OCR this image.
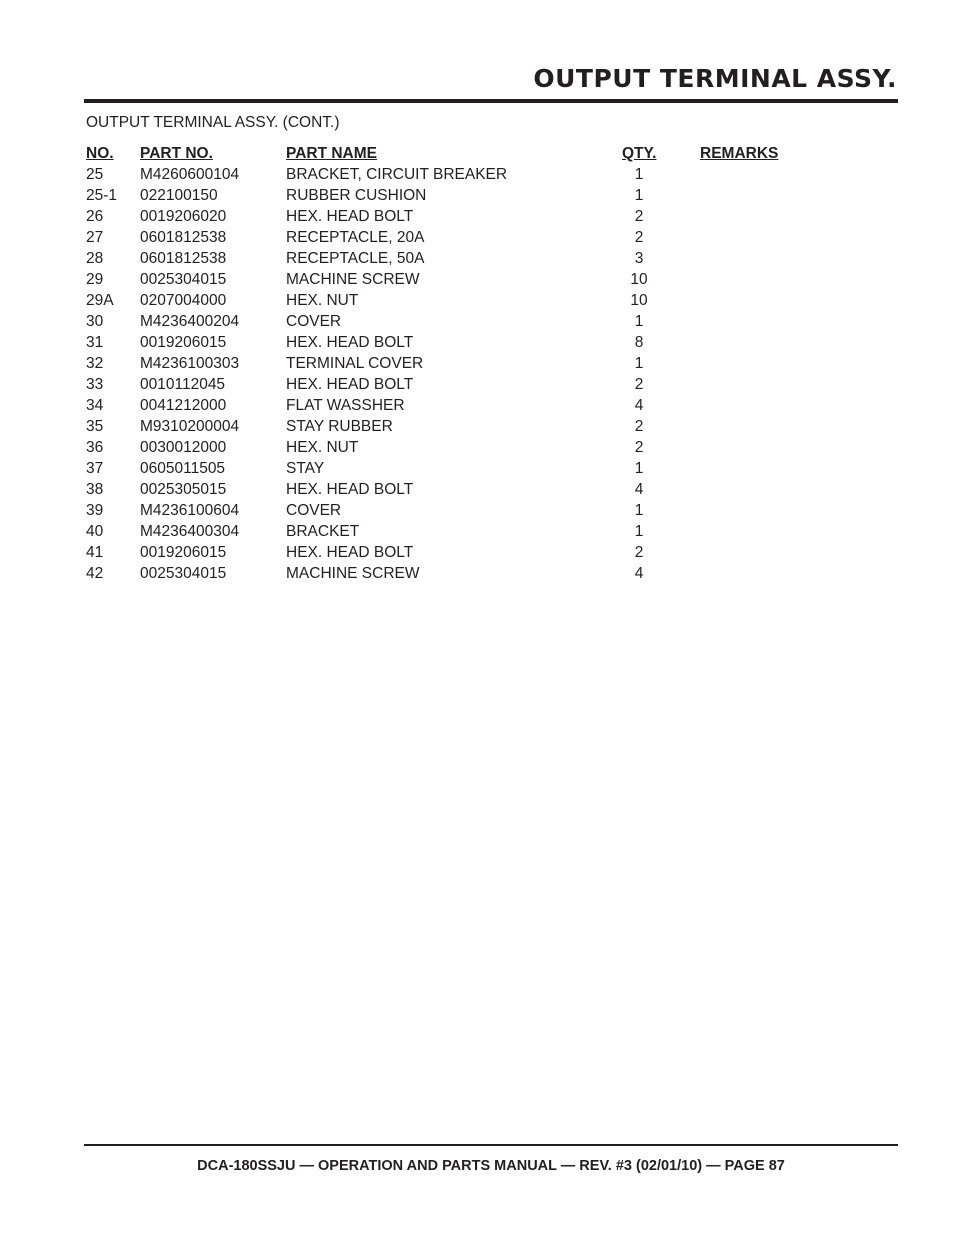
OUTPUT TERMINAL ASSY.
OUTPUT TERMINAL ASSY. (CONT.)
NO. PART NO.	PART NAME	QTY.	REMARKS
25 M4260600104	BRACKET, CIRCUIT BREAKER	1
25-1 022100150	RUBBER CUSHION	1
26 0019206020	HEX. HEAD BOLT	2
27 0601812538	RECEPTACLE, 20A	2
28 0601812538	RECEPTACLE, 50A	3
29 0025304015	MACHINE SCREW	10
29A 0207004000	HEX. NUT	10
30 M4236400204	COVER	1
31 0019206015	HEX. HEAD BOLT	8
32 M4236100303	TERMINAL COVER	1
33 0010112045	HEX. HEAD BOLT	2
34 0041212000	FLAT WASSHER	4
35 M9310200004	STAY RUBBER	2
36 0030012000	HEX. NUT	2
37 0605011505	STAY	1
38 0025305015	HEX. HEAD BOLT	4
39 M4236100604	COVER	1
40 M4236400304	BRACKET	1
41 0019206015	HEX. HEAD BOLT	2
42 0025304015	MACHINE SCREW	4
DCA-180SSJU — OPERATION AND PARTS MANUAL — REV. #3 (02/01/10) — PAGE 87
